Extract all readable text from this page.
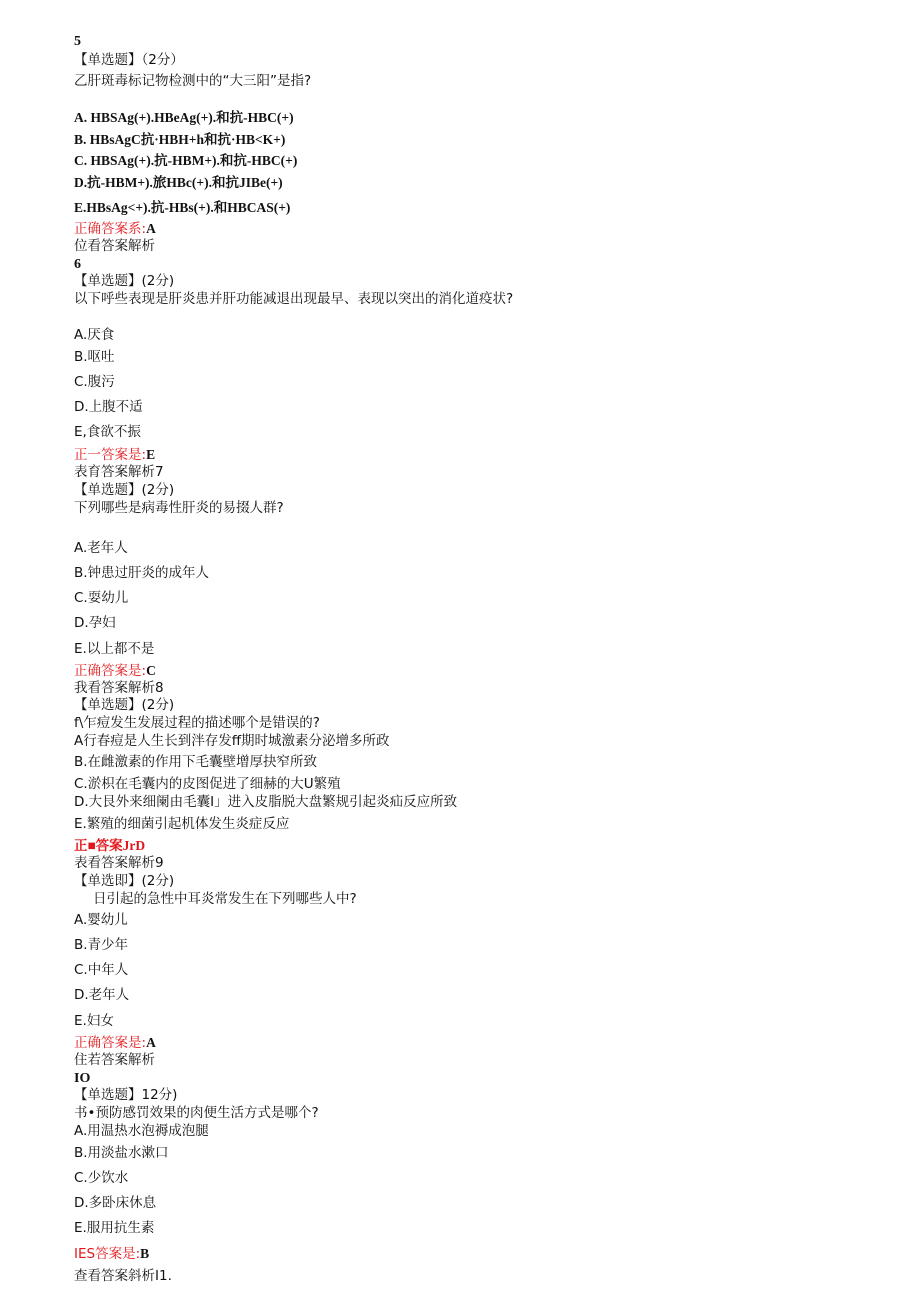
5
【单选题】（2分）
乙肝斑毒标记物检测中的“大三阳”是指?
A. HBSAg(+).HBeAg(+).和抗-HBC(+)
B. HBsAgC抗·HBH+h和抗·HB<K+)
C. HBSAg(+).抗-HBM+).和抗-HBC(+)
D.抗-HBM+).旅HBc(+).和抗JIBe(+)
E.HBsAg<+).抗-HBs(+).和HBCAS(+)
正确答案系:A
位看答案解析
6
【单选题】(2分)
以下呼些表现是肝炎患并肝功能减退出现最早、表现以突出的消化道疫状?
A.厌食
B.呕吐
C.腹污
D.上腹不适
E,食欲不振
正一答案是:E
表育答案解析7
【单选题】(2分)
下列哪些是病毒性肝炎的易掇人群?
A.老年人
B.钟患过肝炎的成年人
C.耍幼儿
D.孕妇
E.以上都不是
正确答案是:C
我看答案解析8
【单选题】(2分)
f\乍痘发生发展过程的描述哪个是错误的?
A行春痘是人生长到泮存发ff期时城激素分泌增多所政
B.在雌激素的作用下毛囊壁增厚抉窄所致
C.淤枳在毛囊内的皮图促进了细赫的大U繁殖
D.大艮外来细阑由毛囊I」进入皮脂脱大盘繁规引起炎疝反应所致
E.繁殖的细菌引起机体发生炎症反应
正■答案JrD
表看答案解析9
【单选即】(2分)
日引起的急性中耳炎常发生在下列哪些人中?
A.婴幼儿
B.青少年
C.中年人
D.老年人
E.妇女
正确答案是:A
住若答案解析
IO
【单选题】12分)
书•预防感罚效果的肉便生活方式是哪个?
A.用温热水泡褥成泡腿
B.用淡盐水漱口
C.少饮水
D.多卧床休息
E.服用抗生素
IES答案是:B
查看答案斜析I1.
